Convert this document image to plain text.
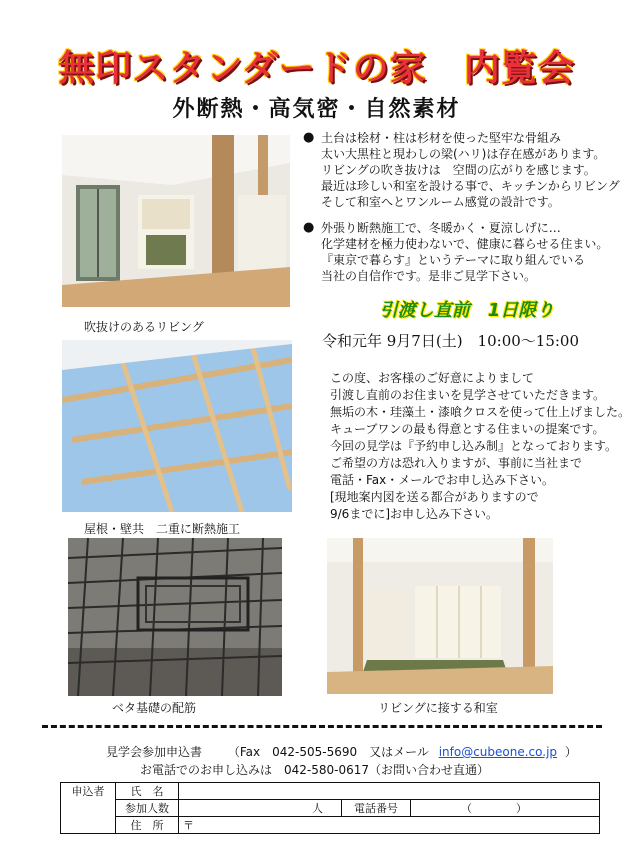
無印スタンダードの家　内覧会
外断熱・高気密・自然素材
吹抜けのあるリビング
屋根・壁共　二重に断熱施工
ベタ基礎の配筋	リビングに接する和室
● 土台は桧材・柱は杉材を使った堅牢な骨組み
太い大黒柱と現わしの梁(ハリ)は存在感があります。
リビングの吹き抜けは　空間の広がりを感じます。
最近は珍しい和室を設ける事で、キッチンからリビング
そして和室へとワンルーム感覚の設計です。
● 外張り断熱施工で、冬暖かく・夏涼しげに…
化学建材を極力使わないで、健康に暮らせる住まい。
『東京で暮らす』というテーマに取り組んでいる
当社の自信作です。是非ご見学下さい。
引渡し直前　1日限り
令和元年 9月7日(土)　10:00～15:00
この度、お客様のご好意によりまして
引渡し直前のお住まいを見学させていただきます。
無垢の木・珪藻土・漆喰クロスを使って仕上げました。
キューブワンの最も得意とする住まいの提案です。
今回の見学は『予約申し込み制』となっております。
ご希望の方は恐れ入りますが、事前に当社まで
電話・Fax・メールでお申し込み下さい。
[現地案内図を送る都合がありますので
9/6までに]お申し込み下さい。
見学会参加申込書 （Fax　042-505-5690　又はメール info@cubeone.co.jp ）
お電話でのお申し込みは　042-580-0617（お問い合わせ直通）
申込者	氏　名			
	参加人数	人	電話番号	（　　　　）
	住　所	〒		
